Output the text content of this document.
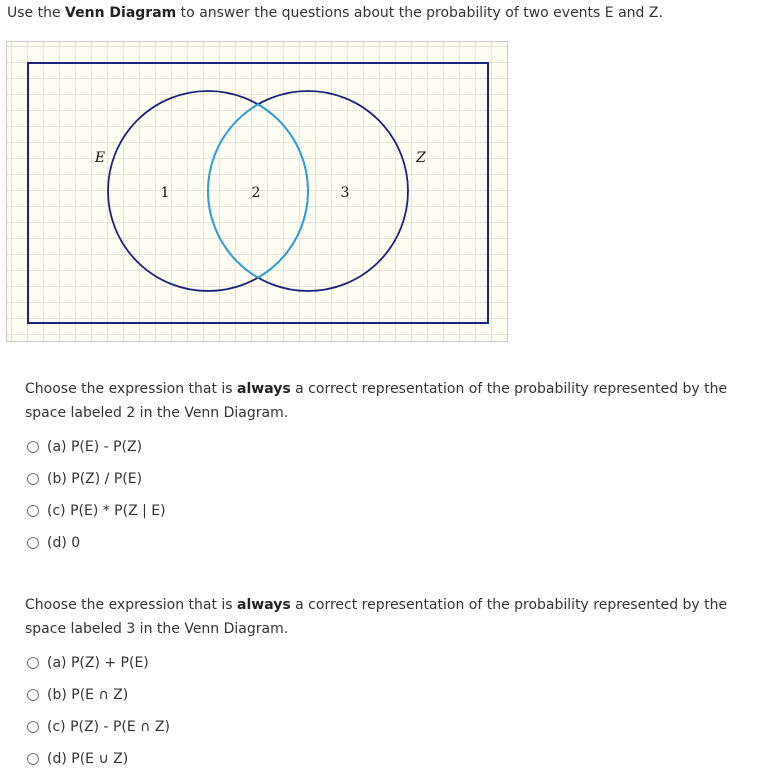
Use the Venn Diagram to answer the questions about the probability of two events E and Z.
E	Z
1	2	3

Choose the expression that is always a correct representation of the probability represented by the space labeled 2 in the Venn Diagram.

(a) P(E) - P(Z)
(b) P(Z) / P(E)
(c) P(E) * P(Z | E)
(d) 0

Choose the expression that is always a correct representation of the probability represented by the space labeled 3 in the Venn Diagram.

(a) P(Z) + P(E)
(b) P(E ∩ Z)
(c) P(Z) - P(E ∩ Z)
(d) P(E ∪ Z)
